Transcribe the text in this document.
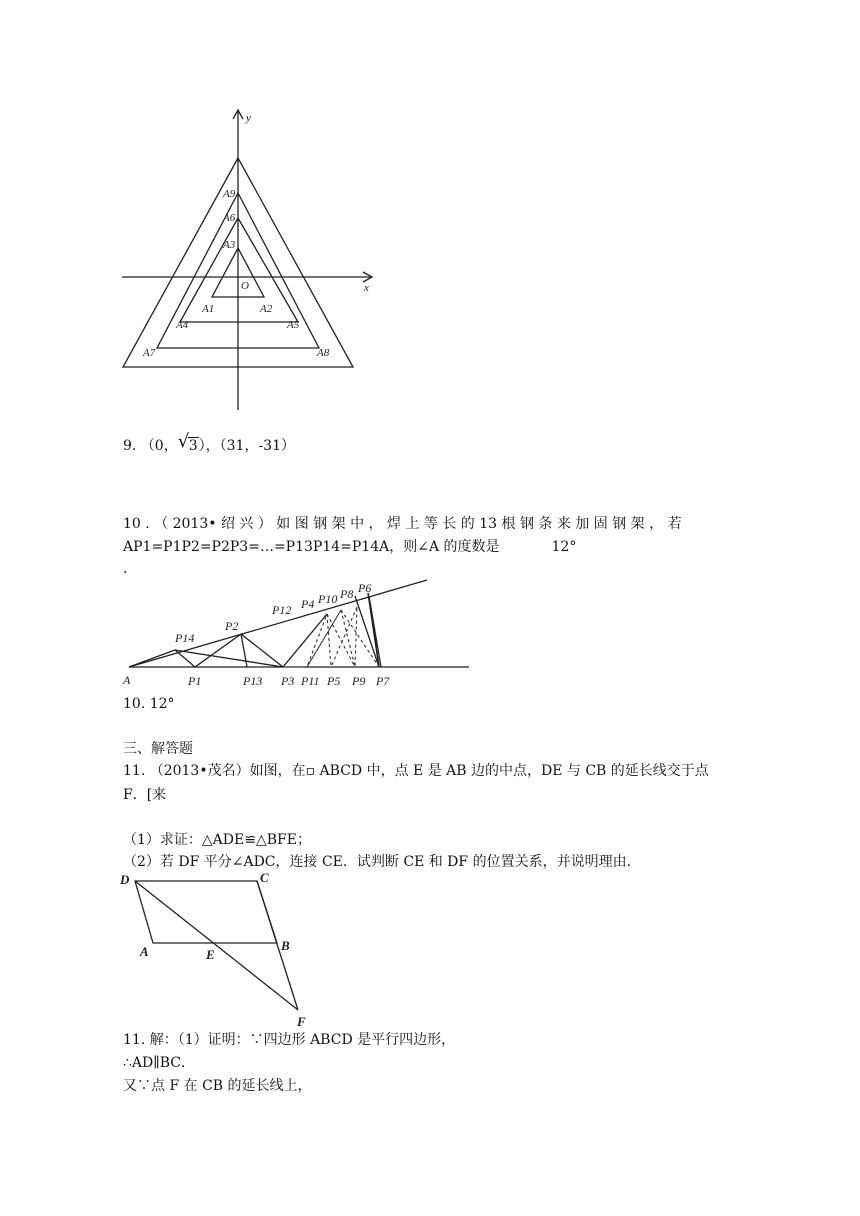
y
x
O
A9
A6
A3
A1	A2
A4	A5
A7	A8
9. （0， √ 3），（31，-31）
10 . （ 2013• 绍 兴 ） 如 图 钢 架 中 ， 焊 上 等 长 的 13 根 钢 条 来 加 固 钢 架 ， 若
AP1=P1P2=P2P3=…=P13P14=P14A，则∠A 的度数是	12°
.
A	P1	P13 P3 P11 P5 P9 P7
P14
P2
P12 P4 P10 P8 P6
10. 12°
三、解答题
11. （2013•茂名）如图，在▫ ABCD 中，点 E 是 AB 边的中点，DE 与 CB 的延长线交于点
F．[来
（1）求证：△ADE≌△BFE；
（2）若 DF 平分∠ADC，连接 CE．试判断 CE 和 DF 的位置关系，并说明理由．
D	C
A	E
B
F
11. 解：（1）证明：∵四边形 ABCD 是平行四边形，
∴AD∥BC．
又∵点 F 在 CB 的延长线上，
